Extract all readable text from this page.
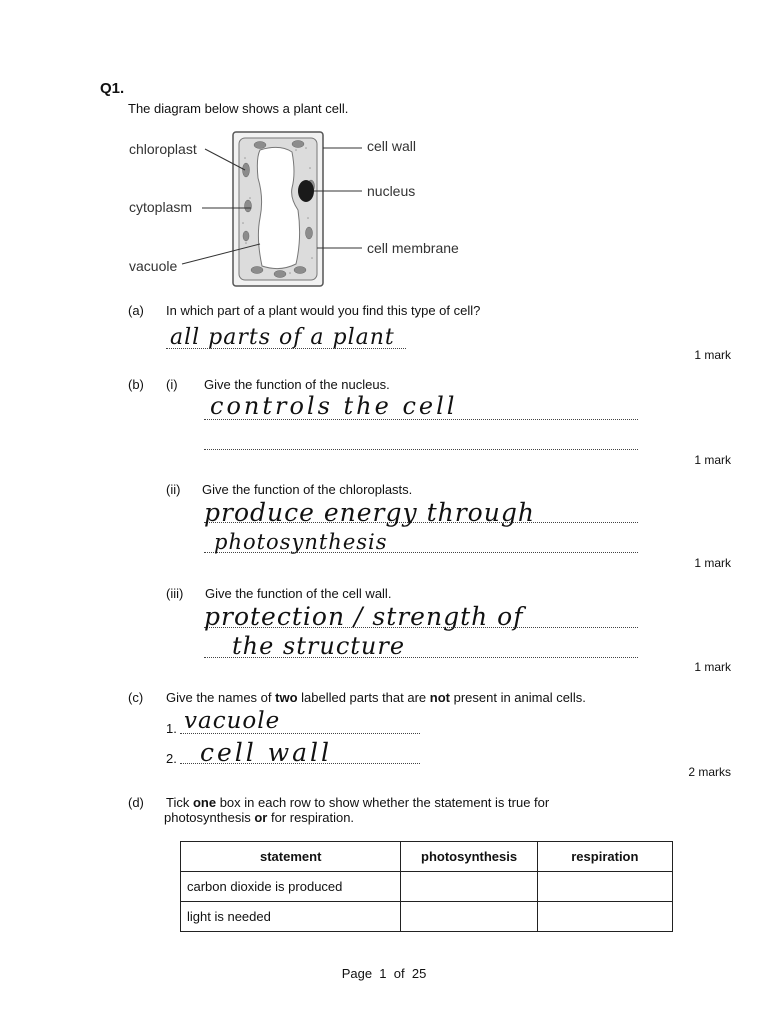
Q1.
The diagram below shows a plant cell.
chloroplast
cytoplasm
vacuole
cell wall
nucleus
cell membrane
(a) In which part of a plant would you find this type of cell?
all parts of a plant
1 mark
(b) (i) Give the function of the nucleus.
controls the cell
1 mark
(ii) Give the function of the chloroplasts.
produce energy through
photosynthesis
1 mark
(iii) Give the function of the cell wall.
protection / strength of
the structure
1 mark
(c) Give the names of two labelled parts that are not present in animal cells.
1. vacuole
2. cell wall
2 marks
(d) Tick one box in each row to show whether the statement is true for
photosynthesis or for respiration.
statement	photosynthesis	respiration
carbon dioxide is produced		
light is needed		
Page 1 of 25
